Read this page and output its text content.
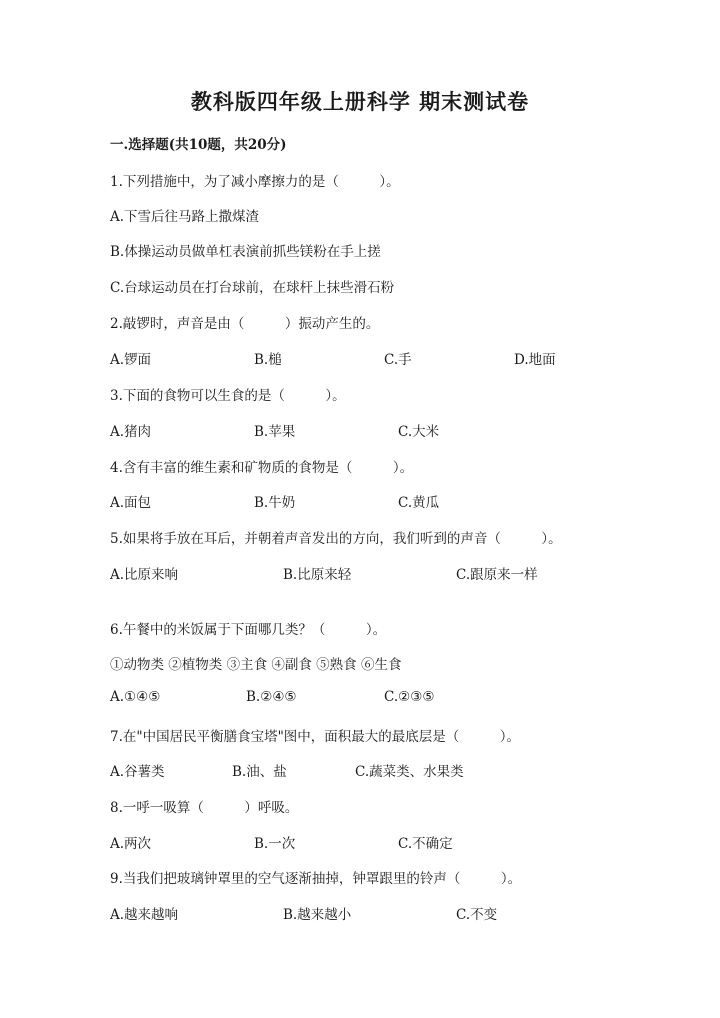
教科版四年级上册科学 期末测试卷
一.选择题(共10题，共20分)
1.下列措施中，为了减小摩擦力的是（　　　）。
A.下雪后往马路上撒煤渣
B.体操运动员做单杠表演前抓些镁粉在手上搓
C.台球运动员在打台球前，在球杆上抹些滑石粉
2.敲锣时，声音是由（　　　）振动产生的。
A.锣面	B.槌	C.手	D.地面
3.下面的食物可以生食的是（　　　）。
A.猪肉	B.苹果	C.大米
4.含有丰富的维生素和矿物质的食物是（　　　）。
A.面包	B.牛奶	C.黄瓜
5.如果将手放在耳后，并朝着声音发出的方向，我们听到的声音（　　　）。
A.比原来响	B.比原来轻	C.跟原来一样
6.午餐中的米饭属于下面哪几类？（　　　）。
①动物类 ②植物类 ③主食 ④副食 ⑤熟食 ⑥生食
A.①④⑤	B.②④⑤	C.②③⑤
7.在"中国居民平衡膳食宝塔"图中，面积最大的最底层是（　　　）。
A.谷薯类	B.油、盐	C.蔬菜类、水果类
8.一呼一吸算（　　　）呼吸。
A.两次	B.一次	C.不确定
9.当我们把玻璃钟罩里的空气逐渐抽掉，钟罩跟里的铃声（　　　）。
A.越来越响	B.越来越小	C.不变
